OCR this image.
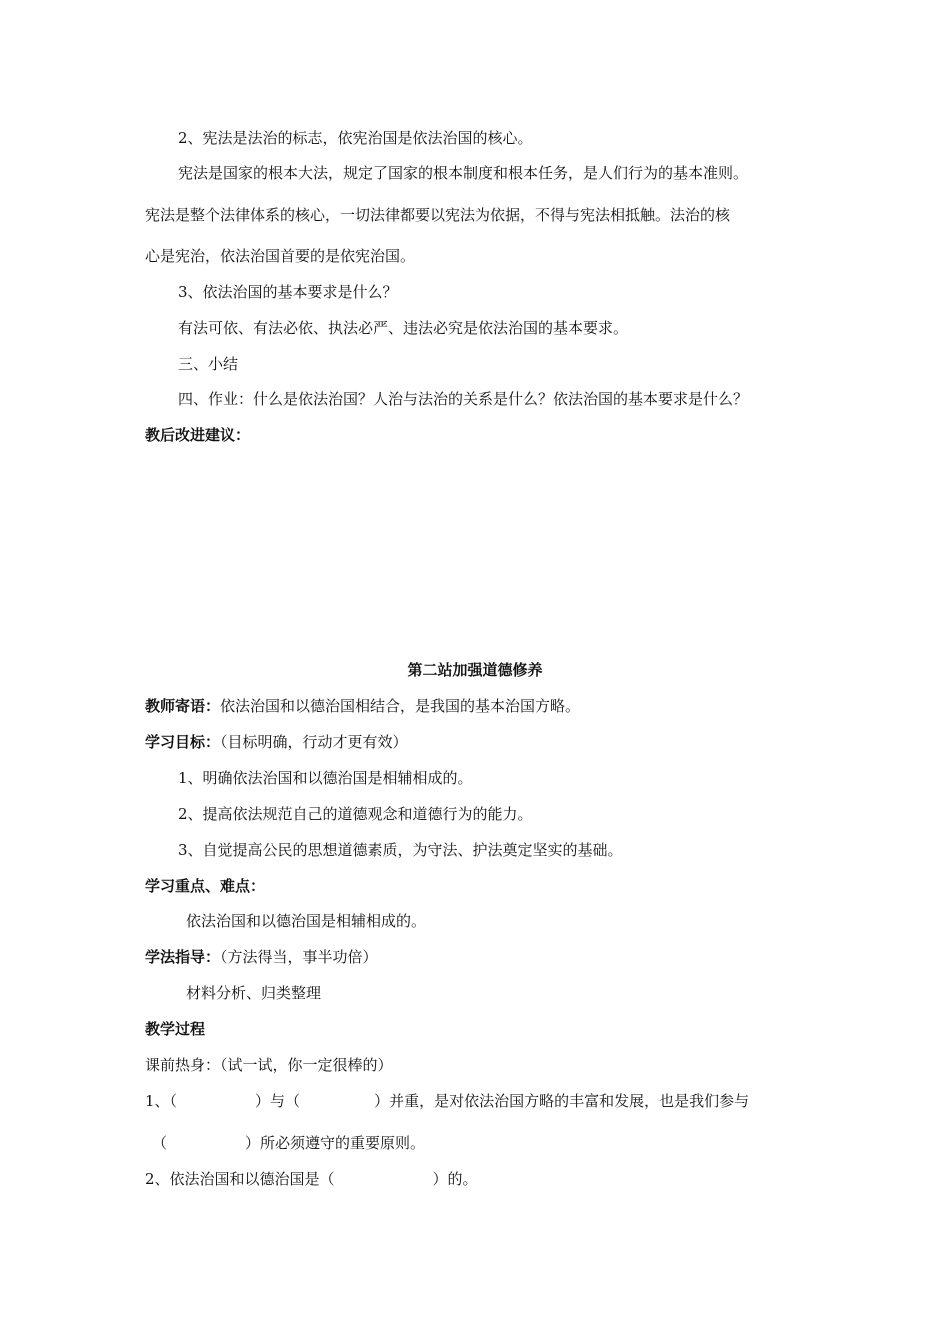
2、宪法是法治的标志，依宪治国是依法治国的核心。
宪法是国家的根本大法，规定了国家的根本制度和根本任务，是人们行为的基本准则。
宪法是整个法律体系的核心，一切法律都要以宪法为依据，不得与宪法相抵触。法治的核
心是宪治，依法治国首要的是依宪治国。
3、依法治国的基本要求是什么？
有法可依、有法必依、执法必严、违法必究是依法治国的基本要求。
三、小结
四、作业：什么是依法治国？人治与法治的关系是什么？依法治国的基本要求是什么？
教后改进建议：
第二站加强道德修养
教师寄语：依法治国和以德治国相结合，是我国的基本治国方略。
学习目标：（目标明确，行动才更有效）
1、明确依法治国和以德治国是相辅相成的。
2、提高依法规范自己的道德观念和道德行为的能力。
3、自觉提高公民的思想道德素质，为守法、护法奠定坚实的基础。
学习重点、难点：
依法治国和以德治国是相辅相成的。
学法指导：（方法得当，事半功倍）
材料分析、归类整理
教学过程
课前热身：（试一试，你一定很棒的）
1、（	）与（	）并重，是对依法治国方略的丰富和发展，也是我们参与
（	）所必须遵守的重要原则。
2、依法治国和以德治国是（	）的。
